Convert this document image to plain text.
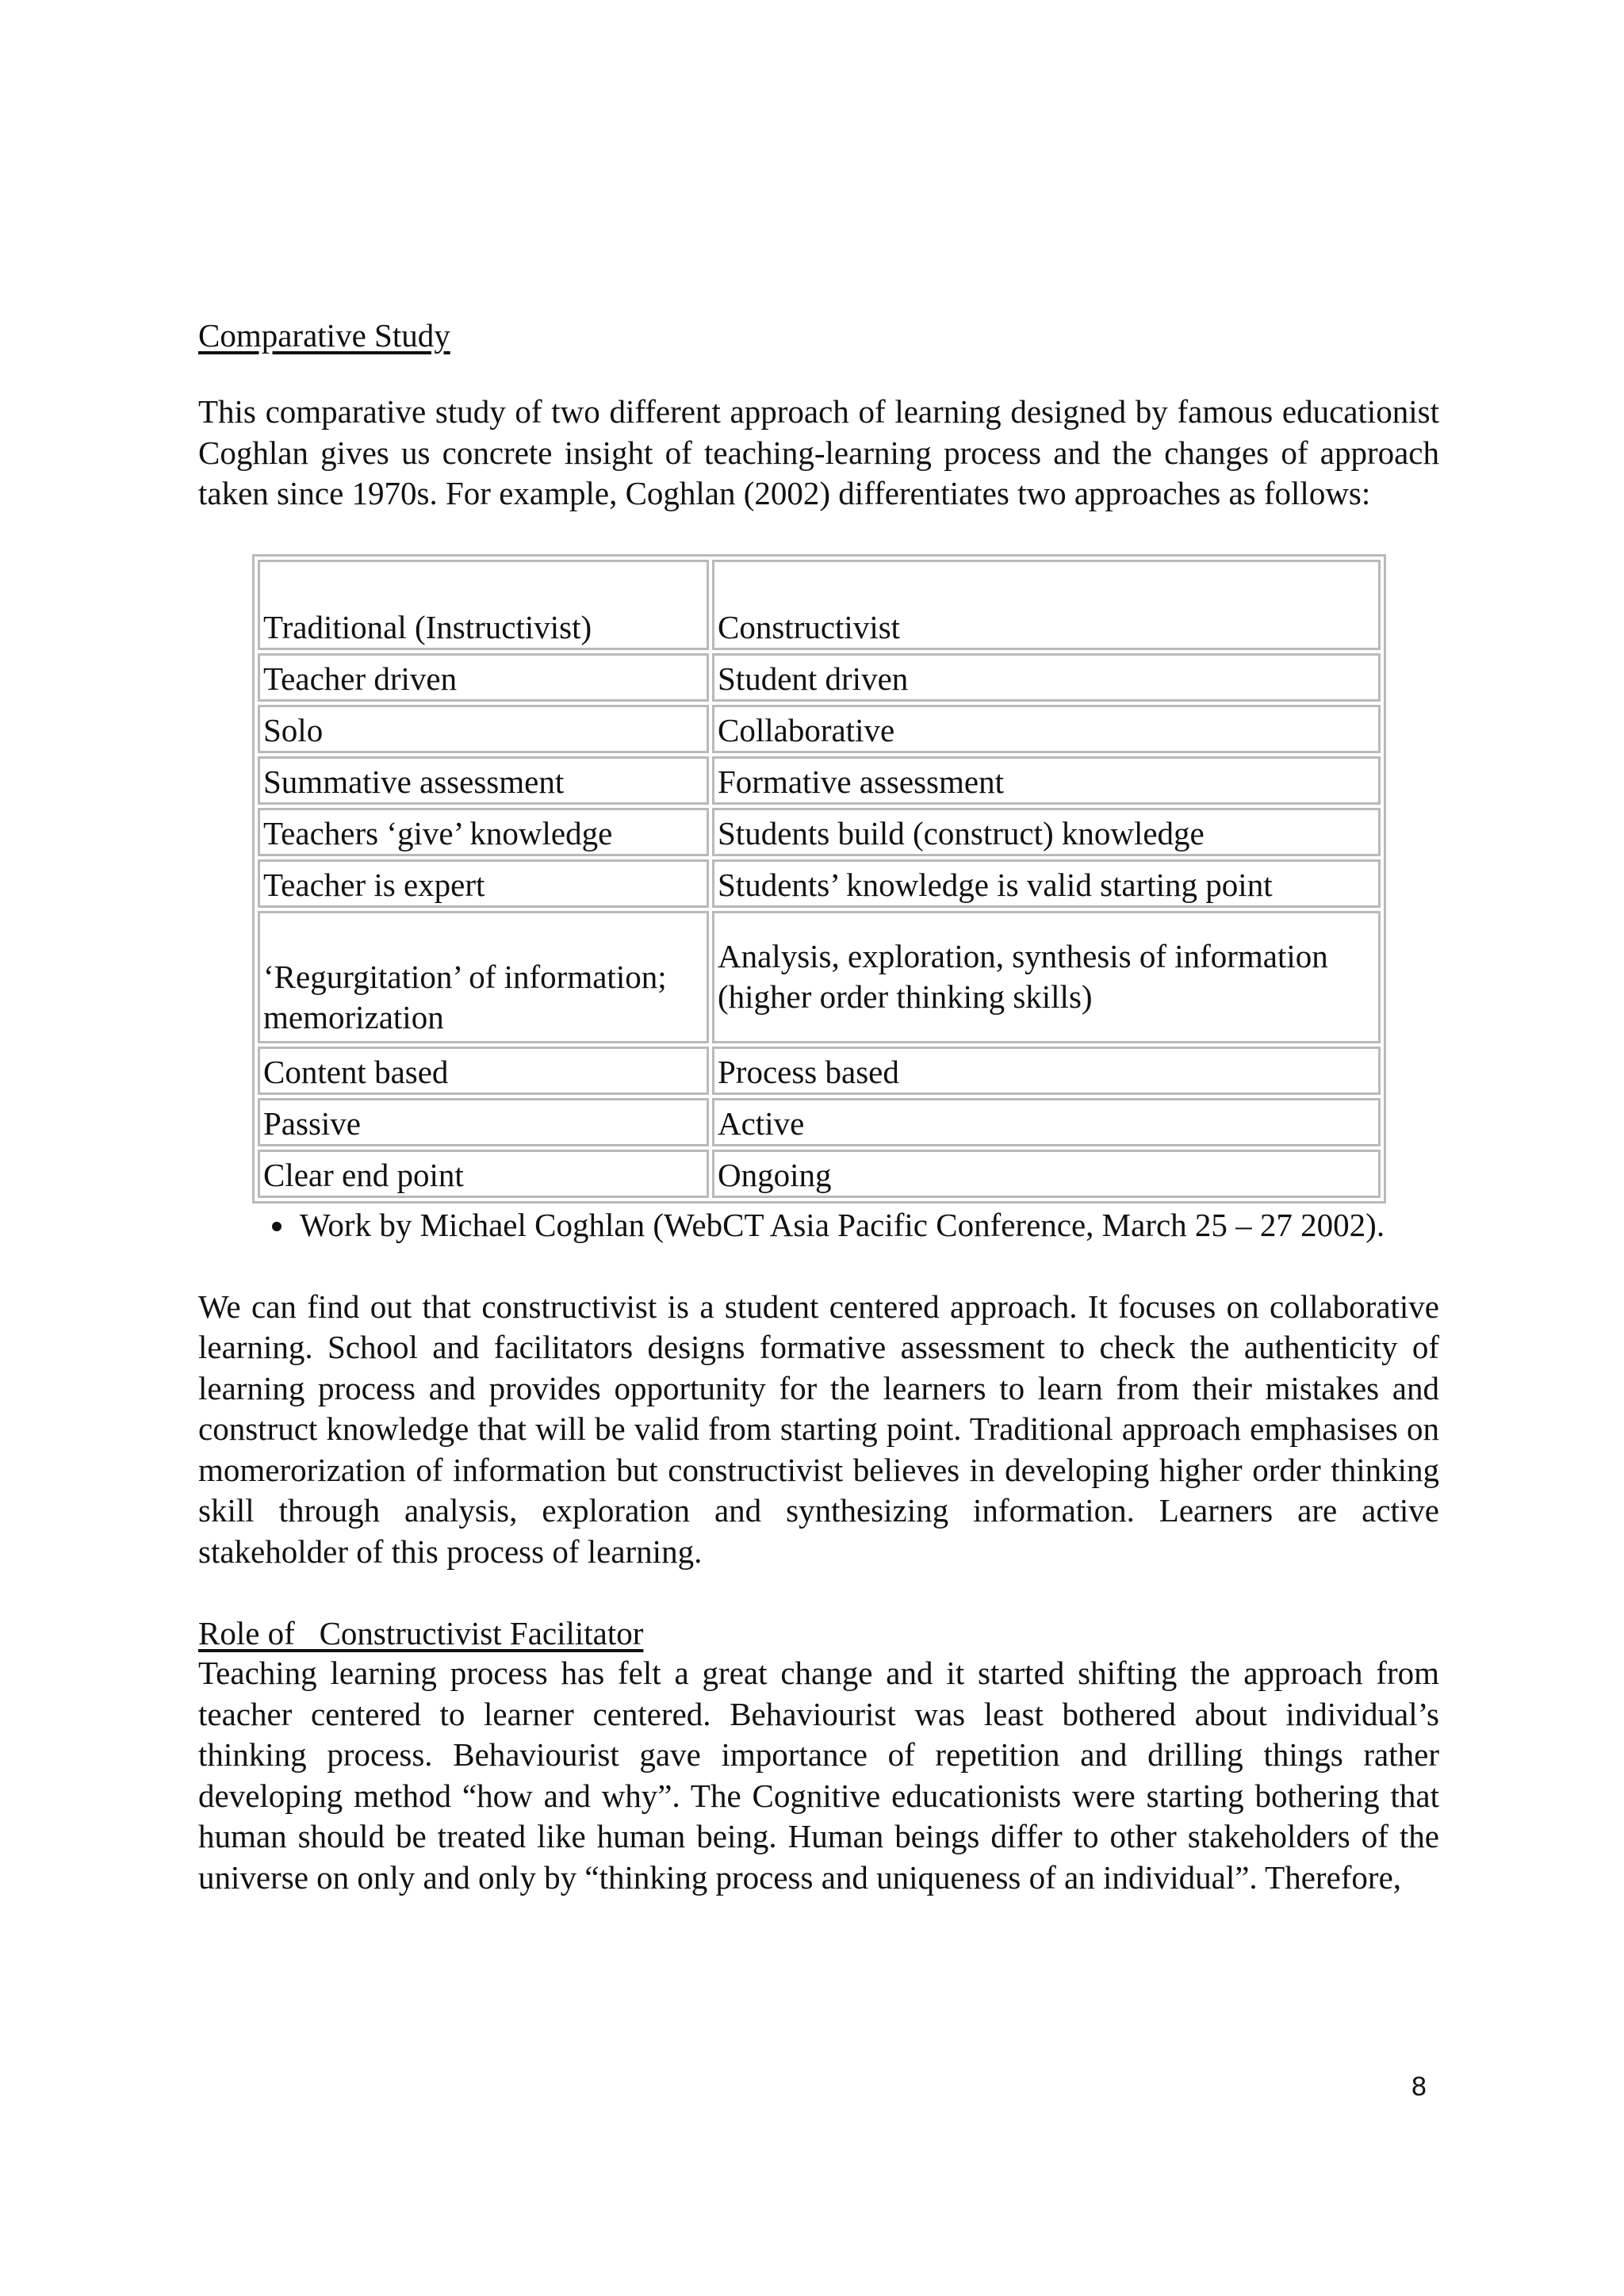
Comparative Study

This comparative study of two different approach of learning designed by famous educationist Coghlan gives us concrete insight of teaching-learning process and the changes of approach taken since 1970s. For example, Coghlan (2002) differentiates two approaches as follows:

Traditional (Instructivist)	Constructivist
Teacher driven	Student driven
Solo	Collaborative
Summative assessment	Formative assessment
Teachers ‘give’ knowledge	Students build (construct) knowledge
Teacher is expert	Students’ knowledge is valid starting point
‘Regurgitation’ of information; memorization	Analysis, exploration, synthesis of information (higher order thinking skills)
Content based	Process based
Passive	Active
Clear end point	Ongoing
• Work by Michael Coghlan (WebCT Asia Pacific Conference, March 25 – 27 2002).

We can find out that constructivist is a student centered approach. It focuses on collaborative learning. School and facilitators designs formative assessment to check the authenticity of learning process and provides opportunity for the learners to learn from their mistakes and construct knowledge that will be valid from starting point. Traditional approach emphasises on momerorization of information but constructivist believes in developing higher order thinking skill through analysis, exploration and synthesizing information. Learners are active stakeholder of this process of learning.

Role of   Constructivist Facilitator

Teaching learning process has felt a great change and it started shifting the approach from teacher centered to learner centered. Behaviourist was least bothered about individual’s thinking process. Behaviourist gave importance of repetition and drilling things rather developing method “how and why”. The Cognitive educationists were starting bothering that human should be treated like human being. Human beings differ to other stakeholders of the universe on only and only by “thinking process and uniqueness of an individual”. Therefore,

8
